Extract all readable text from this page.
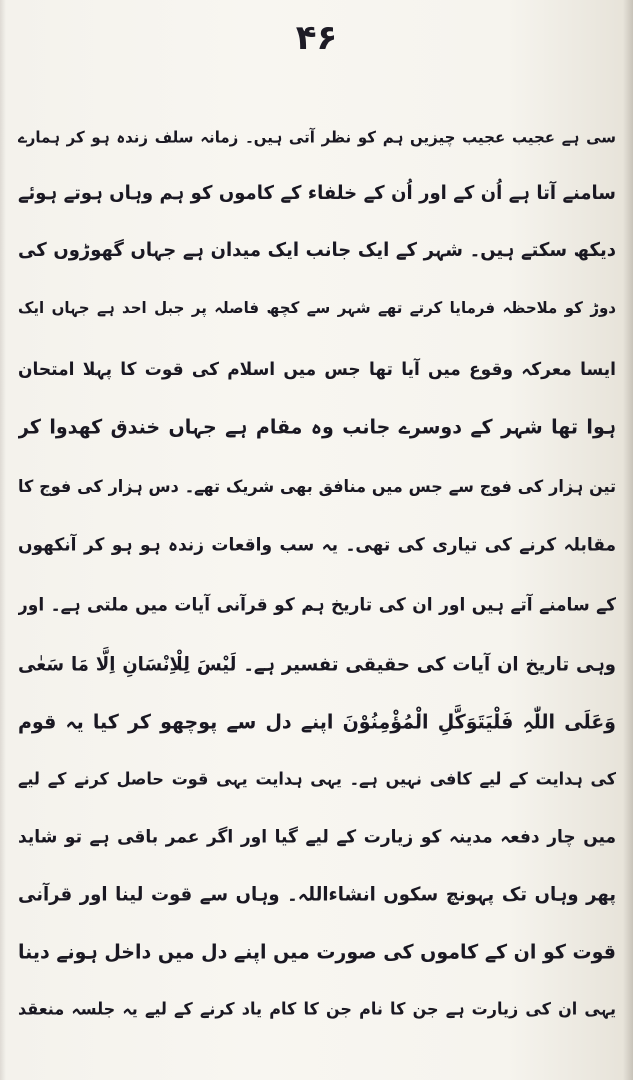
۴۶
سی ہے عجیب عجیب چیزیں ہم کو نظر آتی ہیں۔ زمانہ سلف زندہ ہو کر ہمارے
سامنے آتا ہے اُن کے اور اُن کے خلفاء کے کاموں کو ہم وہاں ہوتے ہوئے
دیکھ سکتے ہیں۔ شہر کے ایک جانب ایک میدان ہے جہاں گھوڑوں کی
دوڑ کو ملاحظہ فرمایا کرتے تھے شہر سے کچھ فاصلہ پر جبل احد ہے جہاں ایک
ایسا معرکہ وقوع میں آیا تھا جس میں اسلام کی قوت کا پہلا امتحان
ہوا تھا شہر کے دوسرے جانب وہ مقام ہے جہاں خندق کھدوا کر
تین ہزار کی فوج سے جس میں منافق بھی شریک تھے۔ دس ہزار کی فوج کا
مقابلہ کرنے کی تیاری کی تھی۔ یہ سب واقعات زندہ ہو ہو کر آنکھوں
کے سامنے آتے ہیں اور ان کی تاریخ ہم کو قرآنی آیات میں ملتی ہے۔ اور
وہی تاریخ ان آیات کی حقیقی تفسیر ہے۔ لَیْسَ لِلْاِنْسَانِ اِلَّا مَا سَعٰی
وَعَلَی اللّٰہِ فَلْیَتَوَکَّلِ الْمُؤْمِنُوْنَ اپنے دل سے پوچھو کر کیا یہ قوم
کی ہدایت کے لیے کافی نہیں ہے۔ یہی ہدایت یہی قوت حاصل کرنے کے لیے
میں چار دفعہ مدینہ کو زیارت کے لیے گیا اور اگر عمر باقی ہے تو شاید
پھر وہاں تک پہونچ سکوں انشاءاللہ۔ وہاں سے قوت لینا اور قرآنی
قوت کو ان کے کاموں کی صورت میں اپنے دل میں داخل ہونے دینا
یہی ان کی زیارت ہے جن کا نام جن کا کام یاد کرنے کے لیے یہ جلسہ منعقد
